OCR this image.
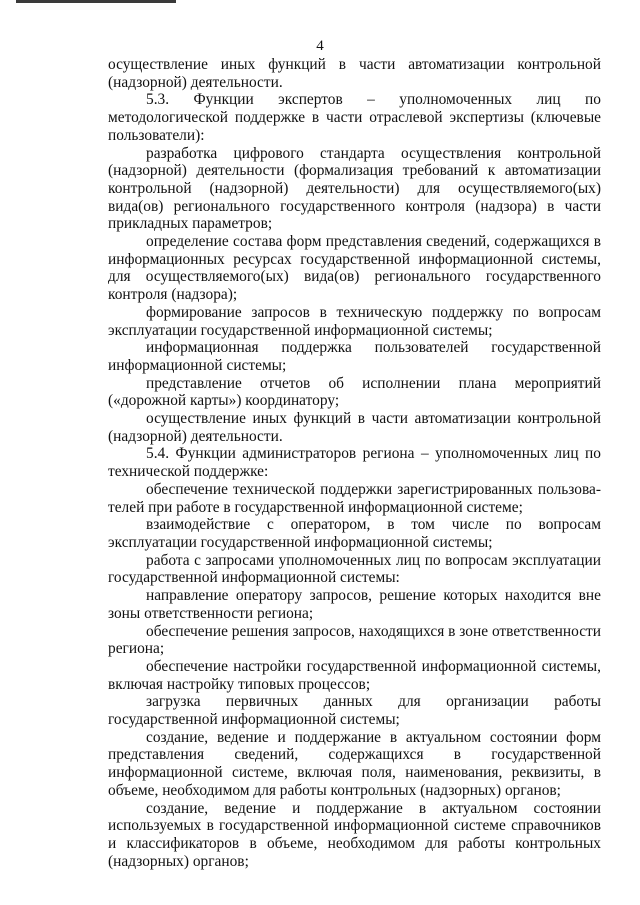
4

осуществление иных функций в части автоматизации контрольной (надзорной) деятельности.

5.3. Функции экспертов – уполномоченных лиц по методологической поддержке в части отраслевой экспертизы (ключевые пользователи):

разработка цифрового стандарта осуществления контрольной (надзорной) деятельности (формализация требований к автоматизации контрольной (надзорной) деятельности) для осуществляемого(ых) вида(ов) регионального государственного контроля (надзора) в части прикладных параметров;

определение состава форм представления сведений, содержащихся в информационных ресурсах государственной информационной системы, для осуществляемого(ых) вида(ов) регионального государственного контроля (надзора);

формирование запросов в техническую поддержку по вопросам эксплуатации государственной информационной системы;

информационная поддержка пользователей государственной информационной системы;

представление отчетов об исполнении плана мероприятий («дорожной карты») координатору;

осуществление иных функций в части автоматизации контрольной (надзорной) деятельности.

5.4. Функции администраторов региона – уполномоченных лиц по технической поддержке:

обеспечение технической поддержки зарегистрированных пользователей при работе в государственной информационной системе;

взаимодействие с оператором, в том числе по вопросам эксплуатации государственной информационной системы;

работа с запросами уполномоченных лиц по вопросам эксплуатации государственной информационной системы:

направление оператору запросов, решение которых находится вне зоны ответственности региона;

обеспечение решения запросов, находящихся в зоне ответственности региона;

обеспечение настройки государственной информационной системы, включая настройку типовых процессов;

загрузка первичных данных для организации работы государственной информационной системы;

создание, ведение и поддержание в актуальном состоянии форм представления сведений, содержащихся в государственной информационной системе, включая поля, наименования, реквизиты, в объеме, необходимом для работы контрольных (надзорных) органов;

создание, ведение и поддержание в актуальном состоянии используемых в государственной информационной системе справочников и классификаторов в объеме, необходимом для работы контрольных (надзорных) органов;
